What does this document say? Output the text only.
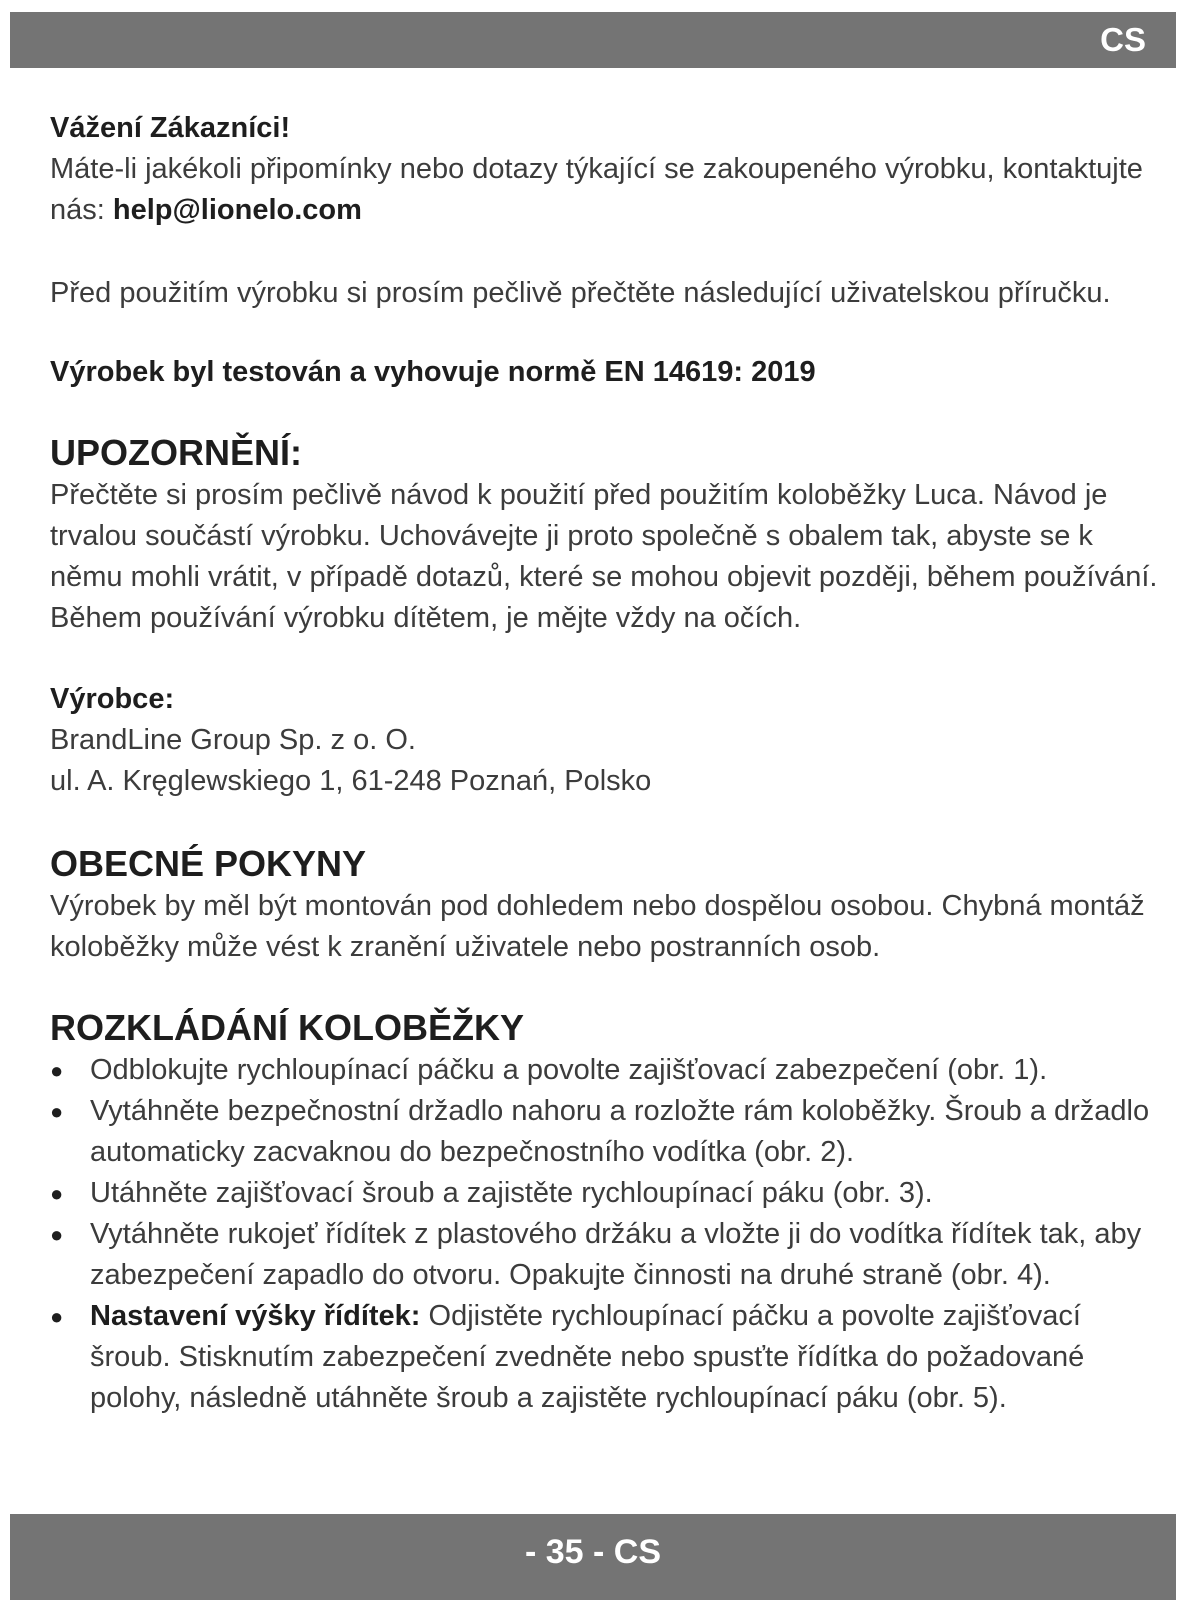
CS

Vážení Zákazníci!

Máte-li jakékoli připomínky nebo dotazy týkající se zakoupeného výrobku, kontaktujte nás: help@lionelo.com

Před použitím výrobku si prosím pečlivě přečtěte následující uživatelskou příručku.

Výrobek byl testován a vyhovuje normě EN 14619: 2019

UPOZORNĚNÍ:

Přečtěte si prosím pečlivě návod k použití před použitím koloběžky Luca. Návod je trvalou součástí výrobku. Uchovávejte ji proto společně s obalem tak, abyste se k němu mohli vrátit, v případě dotazů, které se mohou objevit později, během používání. Během používání výrobku dítětem, je mějte vždy na očích.

Výrobce:

BrandLine Group Sp. z o. O.

ul. A. Kręglewskiego 1, 61-248 Poznań, Polsko

OBECNÉ POKYNY

Výrobek by měl být montován pod dohledem nebo dospělou osobou. Chybná montáž koloběžky může vést k zranění uživatele nebo postranních osob.

ROZKLÁDÁNÍ KOLOBĚŽKY
● Odblokujte rychloupínací páčku a povolte zajišťovací zabezpečení (obr. 1).
● Vytáhněte bezpečnostní držadlo nahoru a rozložte rám koloběžky. Šroub a držadlo automaticky zacvaknou do bezpečnostního vodítka (obr. 2).
● Utáhněte zajišťovací šroub a zajistěte rychloupínací páku (obr. 3).
● Vytáhněte rukojeť řídítek z plastového držáku a vložte ji do vodítka řídítek tak, aby zabezpečení zapadlo do otvoru. Opakujte činnosti na druhé straně (obr. 4).
● Nastavení výšky řídítek: Odjistěte rychloupínací páčku a povolte zajišťovací šroub. Stisknutím zabezpečení zvedněte nebo spusťte řídítka do požadované polohy, následně utáhněte šroub a zajistěte rychloupínací páku (obr. 5).
- 35 - CS
